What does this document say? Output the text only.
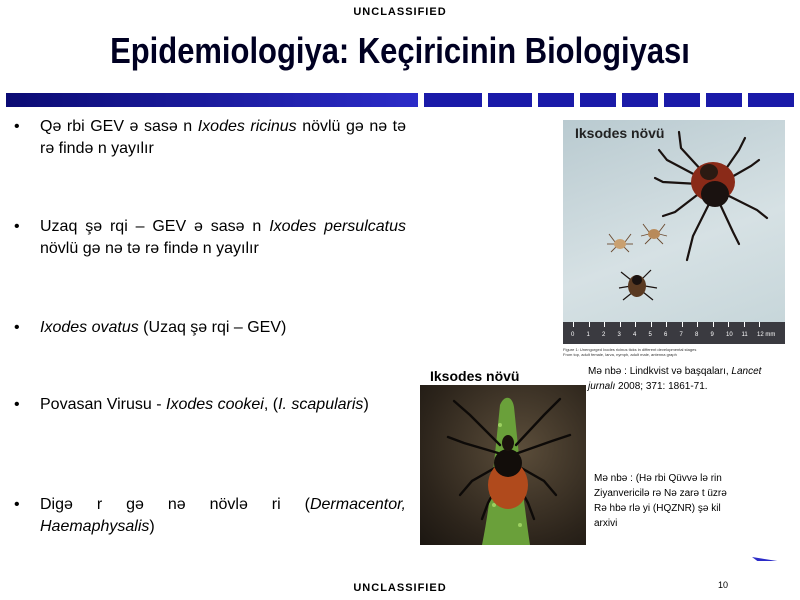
UNCLASSIFIED
Epidemiologiya: Keçiricinin Biologiyası
•	Qə rbi GEV ə sasə n Ixodes ricinus növlü gə nə tə rə fində n yayılır
•	Uzaq şə rqi – GEV ə sasə n Ixodes persulcatus növlü gə nə tə rə fində n yayılır
•	Ixodes ovatus (Uzaq şə rqi – GEV)
•	Povasan Virusu - Ixodes cookei, (I. scapularis)
•	Digə r gə nə növlə ri (Dermacentor, Haemaphysalis)
Iksodes növü
0 1 2 3 4 5 6 7 8 9 10 11 12 mm
Figure 1: Unengorged Ixodes ricinus ticks in different developmental stages
From top, adult female, larva, nymph, adult male, antenna graph
Mə nbə : Lindkvist və başqaları, Lancet jurnalı 2008; 371: 1861-71.
Iksodes növü
Mə nbə : (Hə rbi Qüvvə lə rin
Ziyanvericilə rə Nə zarə t üzrə
Rə hbə rlə yi (HQZNR) şə kil
arxivi
UNCLASSIFIED	10
